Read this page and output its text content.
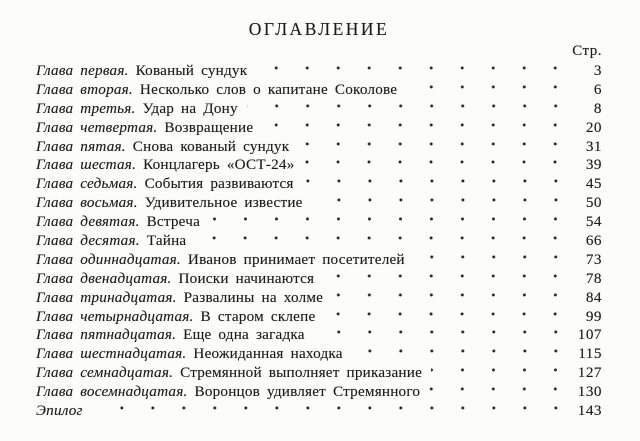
ОГЛАВЛЕНИЕ
Стр.
Глава первая. Кованый сундук	3
Глава вторая. Несколько слов о капитане Соколове	6
Глава третья. Удар на Дону	8
Глава четвертая. Возвращение	20
Глава пятая. Снова кованый сундук	31
Глава шестая. Концлагерь «ОСТ-24»	39
Глава седьмая. События развиваются	45
Глава восьмая. Удивительное известие	50
Глава девятая. Встреча	54
Глава десятая. Тайна	66
Глава одиннадцатая. Иванов принимает посетителей	73
Глава двенадцатая. Поиски начинаются	78
Глава тринадцатая. Развалины на холме	84
Глава четырнадцатая. В старом склепе	99
Глава пятнадцатая. Еще одна загадка	107
Глава шестнадцатая. Неожиданная находка	115
Глава семнадцатая. Стремянной выполняет приказание	127
Глава восемнадцатая. Воронцов удивляет Стремянного	130
Эпилог	143
